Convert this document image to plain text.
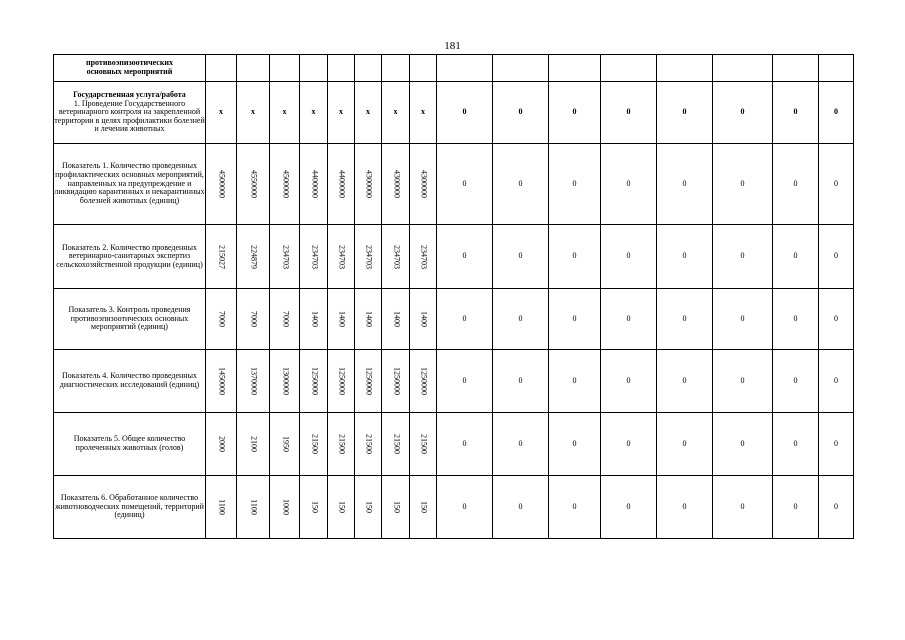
181
противоэпизоотических
основных мероприятий																

Государственная услуга/работа
1. Проведение Государственного ветеринарного контроля на закрепленной территории в целях профилактики болезней и лечения животных	x	x	x	x	x	x	x	x	0	0	0	0	0	0	0	0
Показатель 1. Количество проведенных профилактических основных мероприятий, направленных на предупреждение и ликвидацию карантинных и некарантинных болезней животных (единиц)	4500000	4550000	4500000	4400000	4400000	4300000	4300000	4300000	0	0	0	0	0	0	0	0
Показатель 2. Количество проведенных ветеринарно-санитарных экспертиз сельскохозяйственной продукции (единиц)	215027	224879	234703	234703	234703	234703	234703	234703	0	0	0	0	0	0	0	0
Показатель 3. Контроль проведения противоэпизоотических основных мероприятий (единиц)	7000	7000	7000	1400	1400	1400	1400	1400	0	0	0	0	0	0	0	0
Показатель 4. Количество проведенных диагностических исследований (единиц)	1450000	1370000	1300000	1250000	1250000	1250000	1250000	1250000	0	0	0	0	0	0	0	0
Показатель 5. Общее количество пролеченных животных (голов)	2000	2100	1950	21500	21500	21500	21500	21500	0	0	0	0	0	0	0	0
Показатель 6. Обработанное количество животноводческих помещений, территорий (единиц)	1100	1100	1000	150	150	150	150	150	0	0	0	0	0	0	0	0
